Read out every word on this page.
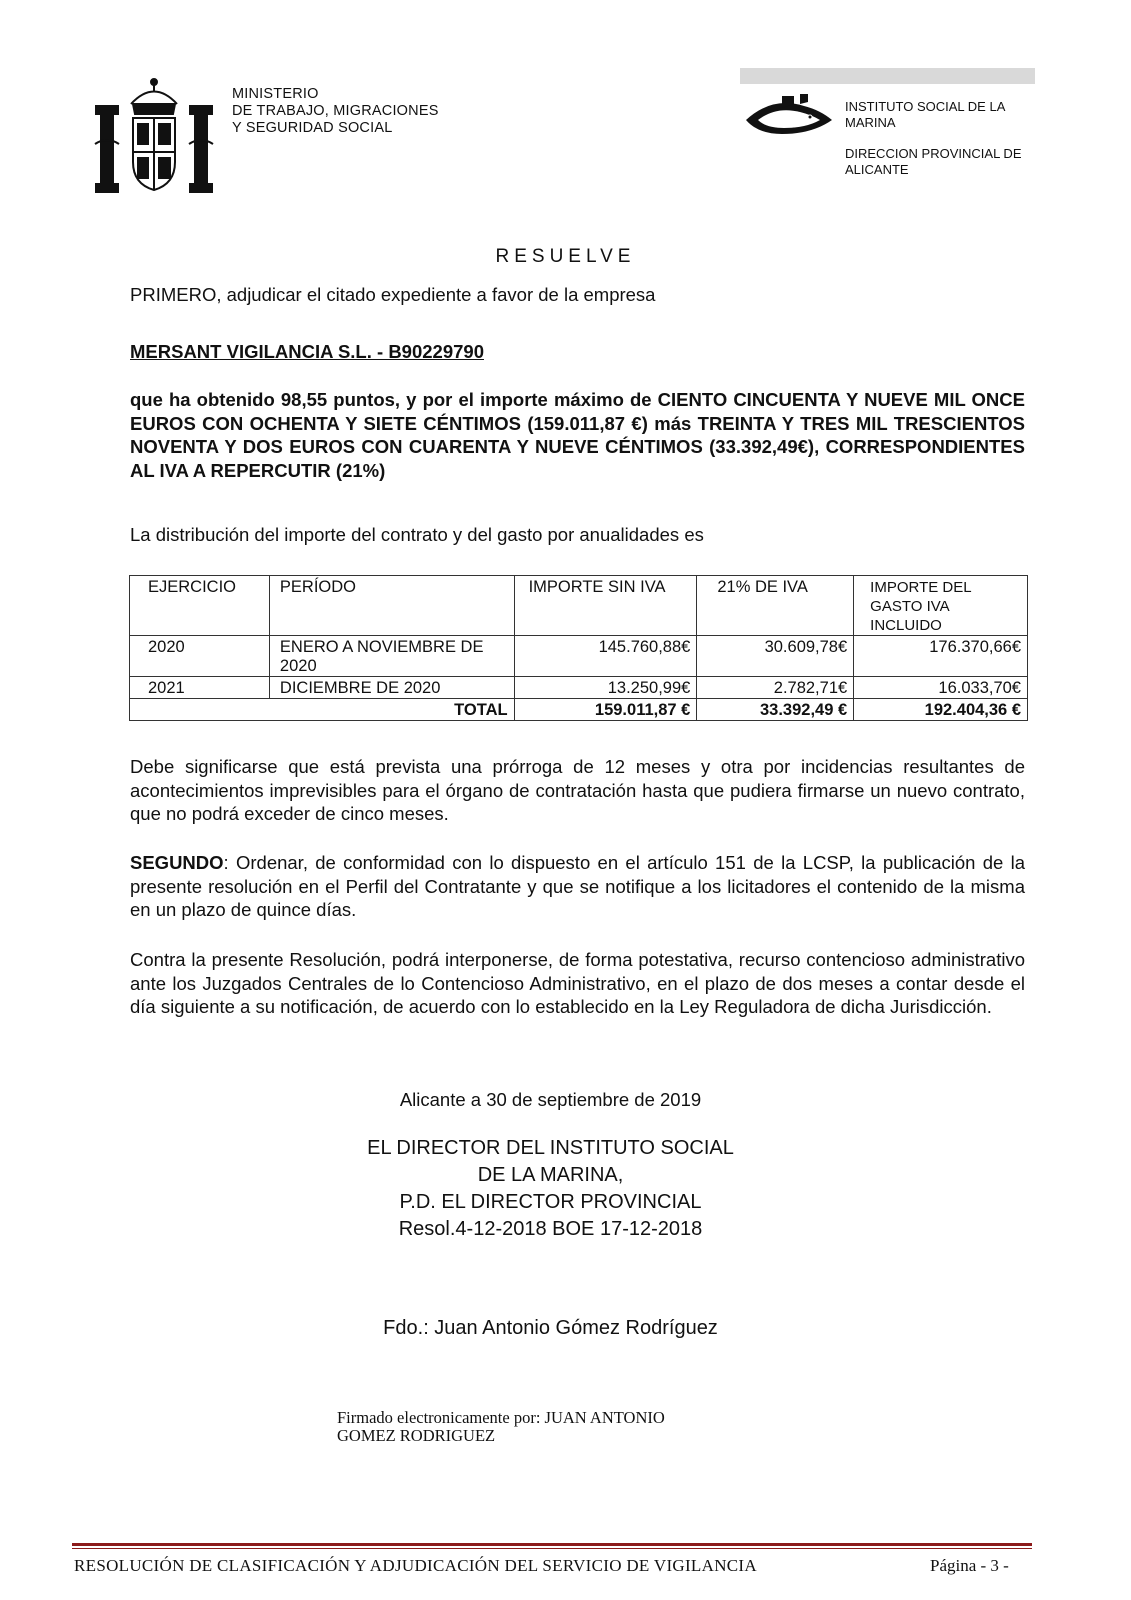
MINISTERIO
DE TRABAJO, MIGRACIONES
Y SEGURIDAD SOCIAL
INSTITUTO SOCIAL DE LA
MARINA
DIRECCION PROVINCIAL DE
ALICANTE
RESUELVE
PRIMERO, adjudicar el citado expediente a favor de la empresa
MERSANT VIGILANCIA S.L. - B90229790
que ha obtenido 98,55 puntos, y por el importe máximo de CIENTO CINCUENTA Y NUEVE MIL ONCE EUROS CON OCHENTA Y SIETE CÉNTIMOS (159.011,87 €) más TREINTA Y TRES MIL TRESCIENTOS NOVENTA Y DOS EUROS CON CUARENTA Y NUEVE CÉNTIMOS (33.392,49€), CORRESPONDIENTES AL IVA A REPERCUTIR (21%)
La distribución del importe del contrato y del gasto por anualidades es
EJERCICIO	PERÍODO	IMPORTE SIN IVA	21% DE IVA	IMPORTE DEL GASTO IVA INCLUIDO
2020	ENERO A NOVIEMBRE DE 2020	145.760,88€	30.609,78€	176.370,66€
2021	DICIEMBRE DE 2020	13.250,99€	2.782,71€	16.033,70€
TOTAL		159.011,87 €	33.392,49 €	192.404,36 €
Debe significarse que está prevista una prórroga de 12 meses y otra por incidencias resultantes de acontecimientos imprevisibles para el órgano de contratación hasta que pudiera firmarse un nuevo contrato, que no podrá exceder de cinco meses.
SEGUNDO: Ordenar, de conformidad con lo dispuesto en el artículo 151 de la LCSP, la publicación de la presente resolución en el Perfil del Contratante y que se notifique a los licitadores el contenido de la misma en un plazo de quince días.
Contra la presente Resolución, podrá interponerse, de forma potestativa, recurso contencioso administrativo ante los Juzgados Centrales de lo Contencioso Administrativo, en el plazo de dos meses a contar desde el día siguiente a su notificación, de acuerdo con lo establecido en la Ley Reguladora de dicha Jurisdicción.
Alicante a 30 de septiembre de 2019
EL DIRECTOR DEL INSTITUTO SOCIAL
DE LA MARINA,
P.D. EL DIRECTOR PROVINCIAL
Resol.4-12-2018 BOE 17-12-2018
Fdo.: Juan Antonio Gómez Rodríguez
Firmado electronicamente por: JUAN ANTONIO
GOMEZ RODRIGUEZ
RESOLUCIÓN DE CLASIFICACIÓN Y ADJUDICACIÓN DEL SERVICIO DE VIGILANCIA	Página - 3 -
